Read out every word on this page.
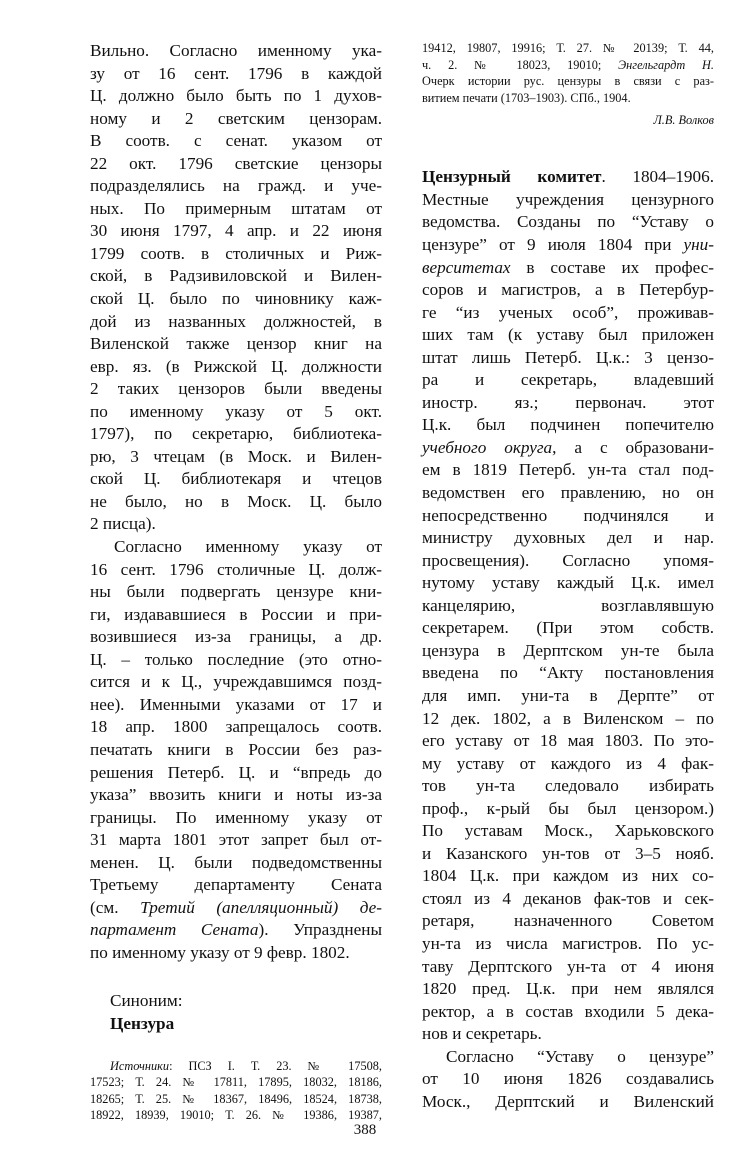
Вильно. Согласно именному ука-
зу от 16 сент. 1796 в каждой
Ц. должно было быть по 1 духов-
ному и 2 светским цензорам.
В соотв. с сенат. указом от
22 окт. 1796 светские цензоры
подразделялись на гражд. и уче-
ных. По примерным штатам от
30 июня 1797, 4 апр. и 22 июня
1799 соотв. в столичных и Риж-
ской, в Радзивиловской и Вилен-
ской Ц. было по чиновнику каж-
дой из названных должностей, в
Виленской также цензор книг на
евр. яз. (в Рижской Ц. должности
2 таких цензоров были введены
по именному указу от 5 окт.
1797), по секретарю, библиотека-
рю, 3 чтецам (в Моск. и Вилен-
ской Ц. библиотекаря и чтецов
не было, но в Моск. Ц. было
2 писца).
Согласно именному указу от
16 сент. 1796 столичные Ц. долж-
ны были подвергать цензуре кни-
ги, издававшиеся в России и при-
возившиеся из-за границы, а др.
Ц. – только последние (это отно-
сится и к Ц., учреждавшимся позд-
нее). Именными указами от 17 и
18 апр. 1800 запрещалось соотв.
печатать книги в России без раз-
решения Петерб. Ц. и “впредь до
указа” ввозить книги и ноты из-за
границы. По именному указу от
31 марта 1801 этот запрет был от-
менен. Ц. были подведомственны
Третьему департаменту Сената
(см. Третий (апелляционный) де-
партамент Сената). Упразднены
по именному указу от 9 февр. 1802.
Синоним:
Цензура
Источники: ПСЗ I. Т. 23. № 17508,
17523; Т. 24. № 17811, 17895, 18032, 18186,
18265; Т. 25. № 18367, 18496, 18524, 18738,
18922, 18939, 19010; Т. 26. № 19386, 19387,
19412, 19807, 19916; Т. 27. № 20139; Т. 44,
ч. 2. № 18023, 19010; Энгельгардт Н.
Очерк истории рус. цензуры в связи с раз-
витием печати (1703–1903). СПб., 1904.
Л.В. Волков
Цензурный комитет. 1804–1906.
Местные учреждения цензурного
ведомства. Созданы по “Уставу о
цензуре” от 9 июля 1804 при уни-
верситетах в составе их профес-
соров и магистров, а в Петербур-
ге “из ученых особ”, проживав-
ших там (к уставу был приложен
штат лишь Петерб. Ц.к.: 3 цензо-
ра и секретарь, владевший
иностр. яз.; первонач. этот
Ц.к. был подчинен попечителю
учебного округа, а с образовани-
ем в 1819 Петерб. ун-та стал под-
ведомствен его правлению, но он
непосредственно подчинялся и
министру духовных дел и нар.
просвещения). Согласно упомя-
нутому уставу каждый Ц.к. имел
канцелярию, возглавлявшую
секретарем. (При этом собств.
цензура в Дерптском ун-те была
введена по “Акту постановления
для имп. уни-та в Дерпте” от
12 дек. 1802, а в Виленском – по
его уставу от 18 мая 1803. По это-
му уставу от каждого из 4 фак-
тов ун-та следовало избирать
проф., к-рый бы был цензором.)
По уставам Моск., Харьковского
и Казанского ун-тов от 3–5 нояб.
1804 Ц.к. при каждом из них со-
стоял из 4 деканов фак-тов и сек-
ретаря, назначенного Советом
ун-та из числа магистров. По ус-
таву Дерптского ун-та от 4 июня
1820 пред. Ц.к. при нем являлся
ректор, а в состав входили 5 дека-
нов и секретарь.
Согласно “Уставу о цензуре”
от 10 июня 1826 создавались
Моск., Дерптский и Виленский
388
